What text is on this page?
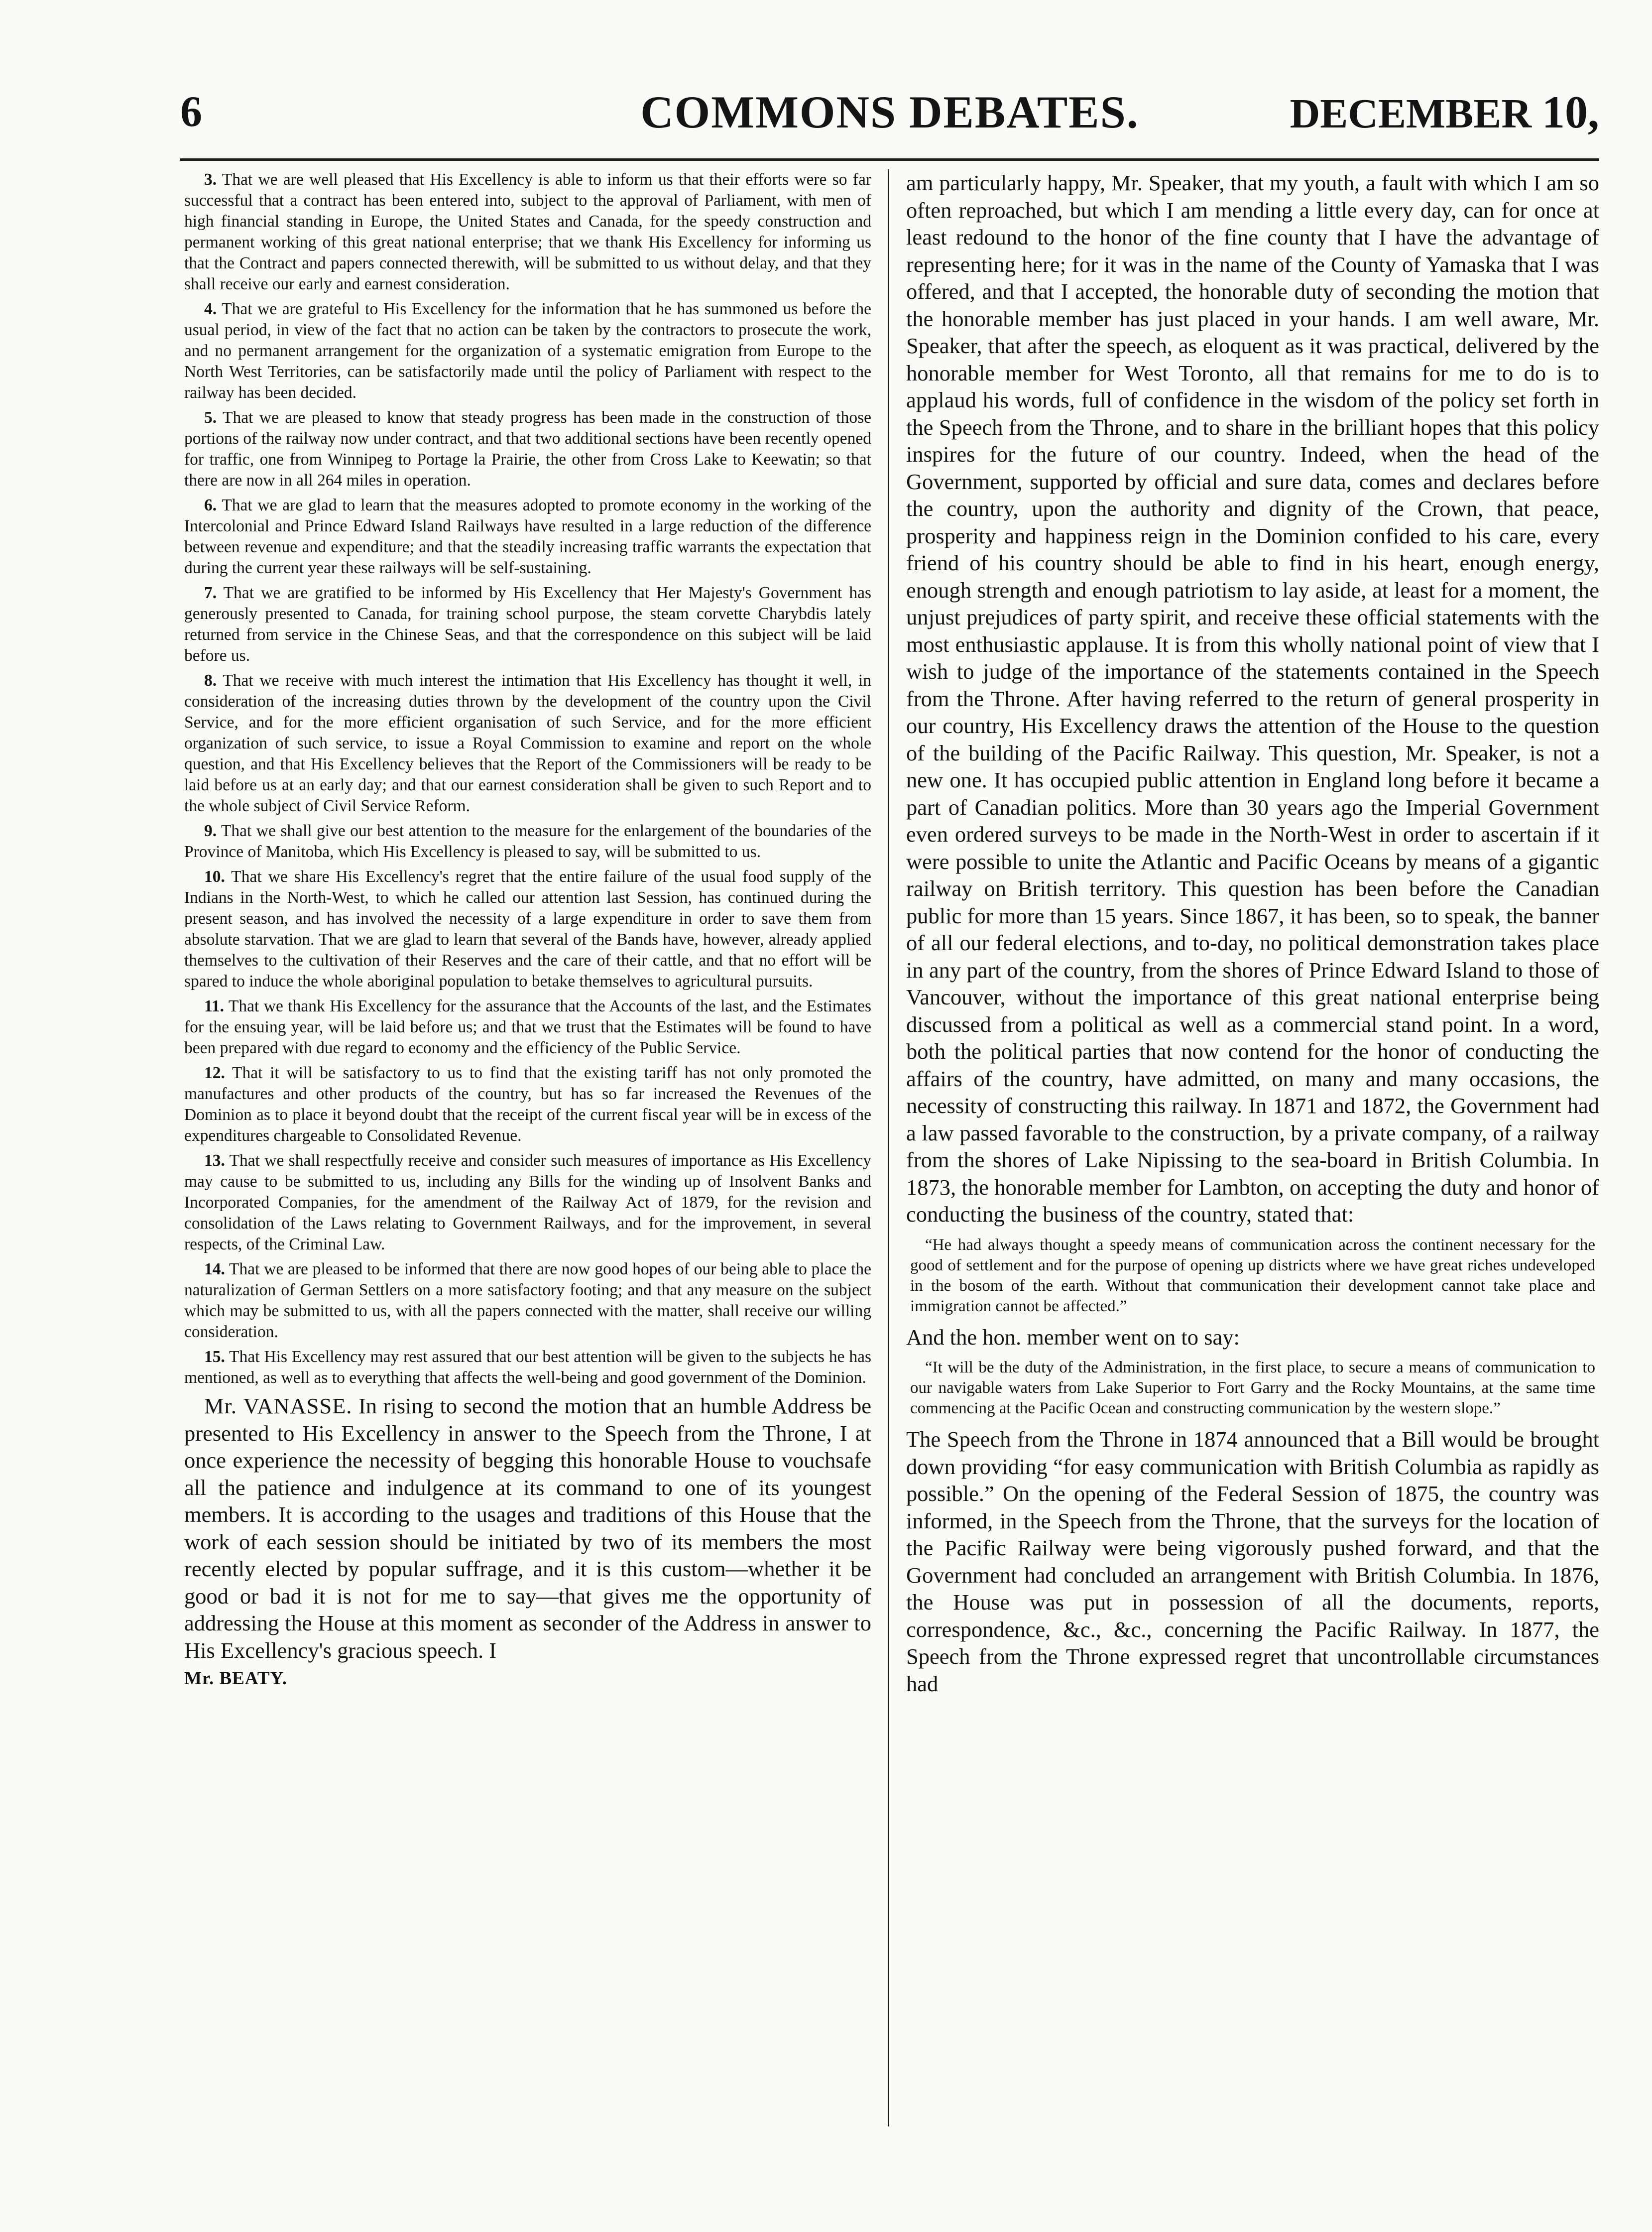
6	COMMONS DEBATES.	DECEMBER 10,

3. That we are well pleased that His Excellency is able to inform us that their efforts were so far successful that a contract has been entered into, subject to the approval of Parliament, with men of high financial standing in Europe, the United States and Canada, for the speedy construction and permanent working of this great national enterprise; that we thank His Excellency for informing us that the Contract and papers connected therewith, will be submitted to us without delay, and that they shall receive our early and earnest consideration.

4. That we are grateful to His Excellency for the information that he has summoned us before the usual period, in view of the fact that no action can be taken by the contractors to prosecute the work, and no permanent arrangement for the organization of a systematic emigration from Europe to the North West Territories, can be satisfactorily made until the policy of Parliament with respect to the railway has been decided.

5. That we are pleased to know that steady progress has been made in the construction of those portions of the railway now under contract, and that two additional sections have been recently opened for traffic, one from Winnipeg to Portage la Prairie, the other from Cross Lake to Keewatin; so that there are now in all 264 miles in operation.

6. That we are glad to learn that the measures adopted to promote economy in the working of the Intercolonial and Prince Edward Island Railways have resulted in a large reduction of the difference between revenue and expenditure; and that the steadily increasing traffic warrants the expectation that during the current year these railways will be self-sustaining.

7. That we are gratified to be informed by His Excellency that Her Majesty's Government has generously presented to Canada, for training school purpose, the steam corvette Charybdis lately returned from service in the Chinese Seas, and that the correspondence on this subject will be laid before us.

8. That we receive with much interest the intimation that His Excellency has thought it well, in consideration of the increasing duties thrown by the development of the country upon the Civil Service, and for the more efficient organisation of such Service, and for the more efficient organization of such service, to issue a Royal Commission to examine and report on the whole question, and that His Excellency believes that the Report of the Commissioners will be ready to be laid before us at an early day; and that our earnest consideration shall be given to such Report and to the whole subject of Civil Service Reform.

9. That we shall give our best attention to the measure for the enlargement of the boundaries of the Province of Manitoba, which His Excellency is pleased to say, will be submitted to us.

10. That we share His Excellency's regret that the entire failure of the usual food supply of the Indians in the North-West, to which he called our attention last Session, has continued during the present season, and has involved the necessity of a large expenditure in order to save them from absolute starvation. That we are glad to learn that several of the Bands have, however, already applied themselves to the cultivation of their Reserves and the care of their cattle, and that no effort will be spared to induce the whole aboriginal population to betake themselves to agricultural pursuits.

11. That we thank His Excellency for the assurance that the Accounts of the last, and the Estimates for the ensuing year, will be laid before us; and that we trust that the Estimates will be found to have been prepared with due regard to economy and the efficiency of the Public Service.

12. That it will be satisfactory to us to find that the existing tariff has not only promoted the manufactures and other products of the country, but has so far increased the Revenues of the Dominion as to place it beyond doubt that the receipt of the current fiscal year will be in excess of the expenditures chargeable to Consolidated Revenue.

13. That we shall respectfully receive and consider such measures of importance as His Excellency may cause to be submitted to us, including any Bills for the winding up of Insolvent Banks and Incorporated Companies, for the amendment of the Railway Act of 1879, for the revision and consolidation of the Laws relating to Government Railways, and for the improvement, in several respects, of the Criminal Law.

14. That we are pleased to be informed that there are now good hopes of our being able to place the naturalization of German Settlers on a more satisfactory footing; and that any measure on the subject which may be submitted to us, with all the papers connected with the matter, shall receive our willing consideration.

15. That His Excellency may rest assured that our best attention will be given to the subjects he has mentioned, as well as to everything that affects the well-being and good government of the Dominion.

Mr. VANASSE. In rising to second the motion that an humble Address be presented to His Excellency in answer to the Speech from the Throne, I at once experience the necessity of begging this honorable House to vouchsafe all the patience and indulgence at its command to one of its youngest members. It is according to the usages and traditions of this House that the work of each session should be initiated by two of its members the most recently elected by popular suffrage, and it is this custom—whether it be good or bad it is not for me to say—that gives me the opportunity of addressing the House at this moment as seconder of the Address in answer to His Excellency's gracious speech. I

Mr. BEATY.

am particularly happy, Mr. Speaker, that my youth, a fault with which I am so often reproached, but which I am mending a little every day, can for once at least redound to the honor of the fine county that I have the advantage of representing here; for it was in the name of the County of Yamaska that I was offered, and that I accepted, the honorable duty of seconding the motion that the honorable member has just placed in your hands. I am well aware, Mr. Speaker, that after the speech, as eloquent as it was practical, delivered by the honorable member for West Toronto, all that remains for me to do is to applaud his words, full of confidence in the wisdom of the policy set forth in the Speech from the Throne, and to share in the brilliant hopes that this policy inspires for the future of our country. Indeed, when the head of the Government, supported by official and sure data, comes and declares before the country, upon the authority and dignity of the Crown, that peace, prosperity and happiness reign in the Dominion confided to his care, every friend of his country should be able to find in his heart, enough energy, enough strength and enough patriotism to lay aside, at least for a moment, the unjust prejudices of party spirit, and receive these official statements with the most enthusiastic applause. It is from this wholly national point of view that I wish to judge of the importance of the statements contained in the Speech from the Throne. After having referred to the return of general prosperity in our country, His Excellency draws the attention of the House to the question of the building of the Pacific Railway. This question, Mr. Speaker, is not a new one. It has occupied public attention in England long before it became a part of Canadian politics. More than 30 years ago the Imperial Government even ordered surveys to be made in the North-West in order to ascertain if it were possible to unite the Atlantic and Pacific Oceans by means of a gigantic railway on British territory. This question has been before the Canadian public for more than 15 years. Since 1867, it has been, so to speak, the banner of all our federal elections, and to-day, no political demonstration takes place in any part of the country, from the shores of Prince Edward Island to those of Vancouver, without the importance of this great national enterprise being discussed from a political as well as a commercial stand point. In a word, both the political parties that now contend for the honor of conducting the affairs of the country, have admitted, on many and many occasions, the necessity of constructing this railway. In 1871 and 1872, the Government had a law passed favorable to the construction, by a private company, of a railway from the shores of Lake Nipissing to the sea-board in British Columbia. In 1873, the honorable member for Lambton, on accepting the duty and honor of conducting the business of the country, stated that:

“He had always thought a speedy means of communication across the continent necessary for the good of settlement and for the purpose of opening up districts where we have great riches undeveloped in the bosom of the earth. Without that communication their development cannot take place and immigration cannot be affected.”

And the hon. member went on to say:

“It will be the duty of the Administration, in the first place, to secure a means of communication to our navigable waters from Lake Superior to Fort Garry and the Rocky Mountains, at the same time commencing at the Pacific Ocean and constructing communication by the western slope.”

The Speech from the Throne in 1874 announced that a Bill would be brought down providing “for easy communication with British Columbia as rapidly as possible.” On the opening of the Federal Session of 1875, the country was informed, in the Speech from the Throne, that the surveys for the location of the Pacific Railway were being vigorously pushed forward, and that the Government had concluded an arrangement with British Columbia. In 1876, the House was put in possession of all the documents, reports, correspondence, &c., &c., concerning the Pacific Railway. In 1877, the Speech from the Throne expressed regret that uncontrollable circumstances had
